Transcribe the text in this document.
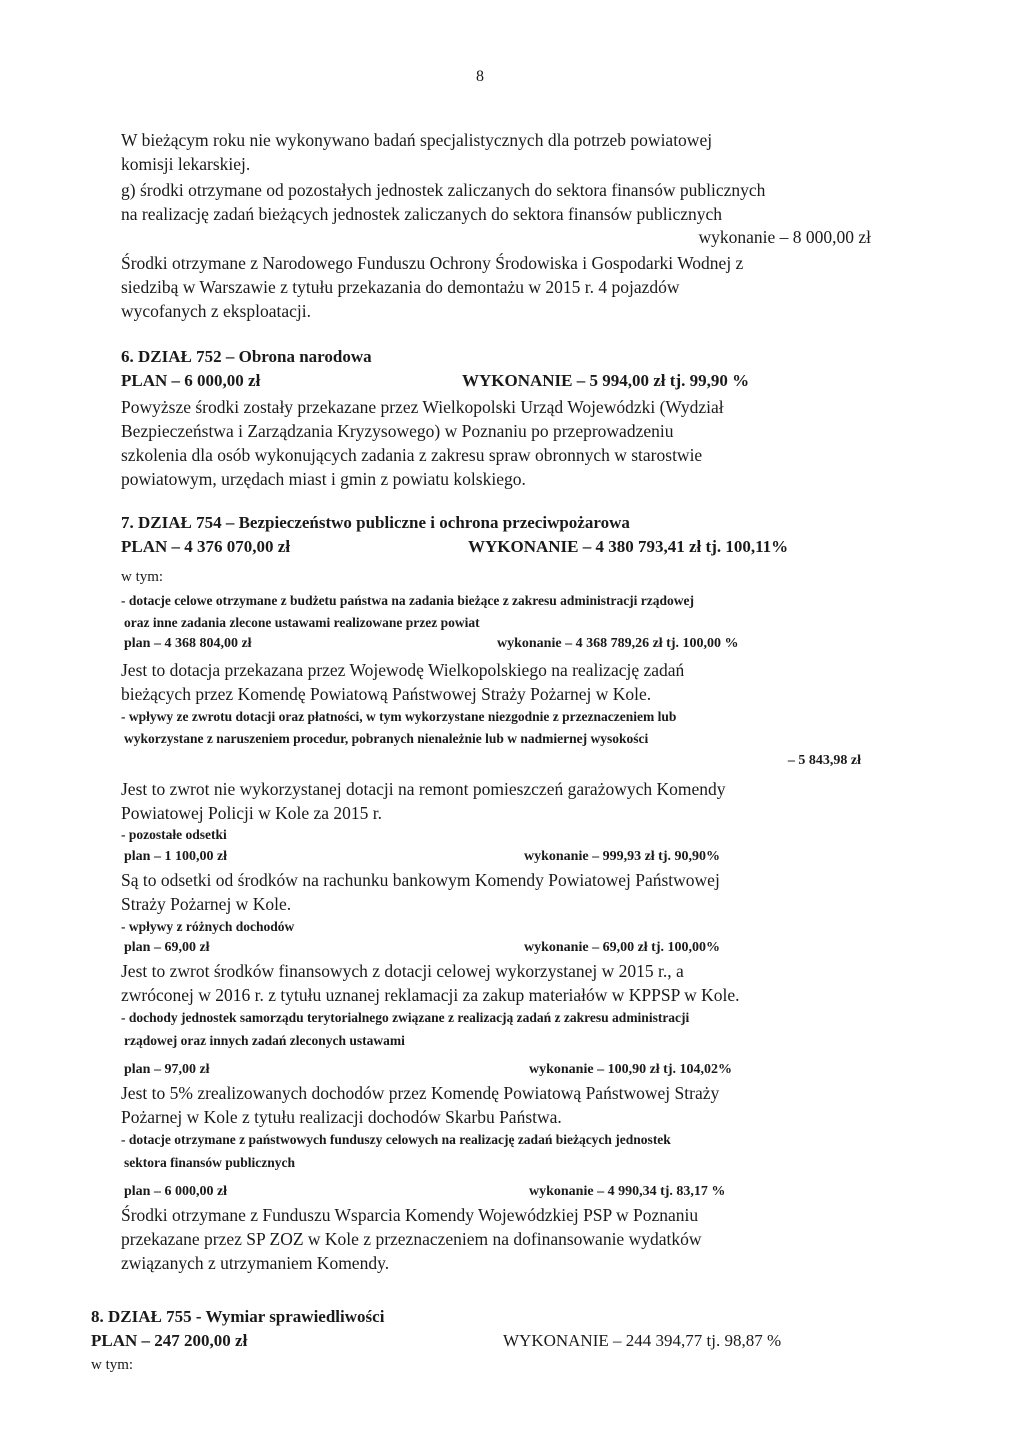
8
W bieżącym roku nie wykonywano badań specjalistycznych dla potrzeb powiatowej
komisji lekarskiej.
g) środki otrzymane od pozostałych jednostek zaliczanych do sektora finansów publicznych
na realizację zadań bieżących jednostek zaliczanych do sektora finansów publicznych
wykonanie – 8 000,00 zł
Środki otrzymane z Narodowego Funduszu Ochrony Środowiska i Gospodarki Wodnej z
siedzibą w Warszawie z tytułu przekazania do demontażu w 2015 r. 4 pojazdów
wycofanych z eksploatacji.
6. DZIAŁ 752 – Obrona narodowa
PLAN – 6 000,00 zł	WYKONANIE – 5 994,00 zł tj. 99,90 %
Powyższe środki zostały przekazane przez Wielkopolski Urząd Wojewódzki (Wydział
Bezpieczeństwa i Zarządzania Kryzysowego) w Poznaniu po przeprowadzeniu
szkolenia dla osób wykonujących zadania z zakresu spraw obronnych w starostwie
powiatowym, urzędach miast i gmin z powiatu kolskiego.
7. DZIAŁ 754 – Bezpieczeństwo publiczne i ochrona przeciwpożarowa
PLAN – 4 376 070,00 zł	WYKONANIE – 4 380 793,41 zł tj. 100,11%
w tym:
- dotacje celowe otrzymane z budżetu państwa na zadania bieżące z zakresu administracji rządowej
oraz inne zadania zlecone ustawami realizowane przez powiat
plan – 4 368 804,00 zł	wykonanie – 4 368 789,26 zł tj. 100,00 %
Jest to dotacja przekazana przez Wojewodę Wielkopolskiego na realizację zadań
bieżących przez Komendę Powiatową Państwowej Straży Pożarnej w Kole.
- wpływy ze zwrotu dotacji oraz płatności, w tym wykorzystane niezgodnie z przeznaczeniem lub
wykorzystane z naruszeniem procedur, pobranych nienależnie lub w nadmiernej wysokości
– 5 843,98 zł
Jest to zwrot nie wykorzystanej dotacji na remont pomieszczeń garażowych Komendy
Powiatowej Policji w Kole za 2015 r.
- pozostałe odsetki
plan – 1 100,00 zł	wykonanie – 999,93 zł tj. 90,90%
Są to odsetki od środków na rachunku bankowym Komendy Powiatowej Państwowej
Straży Pożarnej w Kole.
- wpływy z różnych dochodów
plan – 69,00 zł	wykonanie – 69,00 zł tj. 100,00%
Jest to zwrot środków finansowych z dotacji celowej wykorzystanej w 2015 r., a
zwróconej w 2016 r. z tytułu uznanej reklamacji za zakup materiałów w KPPSP w Kole.
- dochody jednostek samorządu terytorialnego związane z realizacją zadań z zakresu administracji
rządowej oraz innych zadań zleconych ustawami
plan – 97,00 zł	wykonanie – 100,90 zł tj. 104,02%
Jest to 5% zrealizowanych dochodów przez Komendę Powiatową Państwowej Straży
Pożarnej w Kole z tytułu realizacji dochodów Skarbu Państwa.
- dotacje otrzymane z państwowych funduszy celowych na realizację zadań bieżących jednostek
sektora finansów publicznych
plan – 6 000,00 zł	wykonanie – 4 990,34 tj. 83,17 %
Środki otrzymane z Funduszu Wsparcia Komendy Wojewódzkiej PSP w Poznaniu
przekazane przez SP ZOZ w Kole z przeznaczeniem na dofinansowanie wydatków
związanych z utrzymaniem Komendy.
8. DZIAŁ 755 - Wymiar sprawiedliwości
PLAN – 247 200,00 zł	WYKONANIE – 244 394,77 tj. 98,87 %
w tym:
